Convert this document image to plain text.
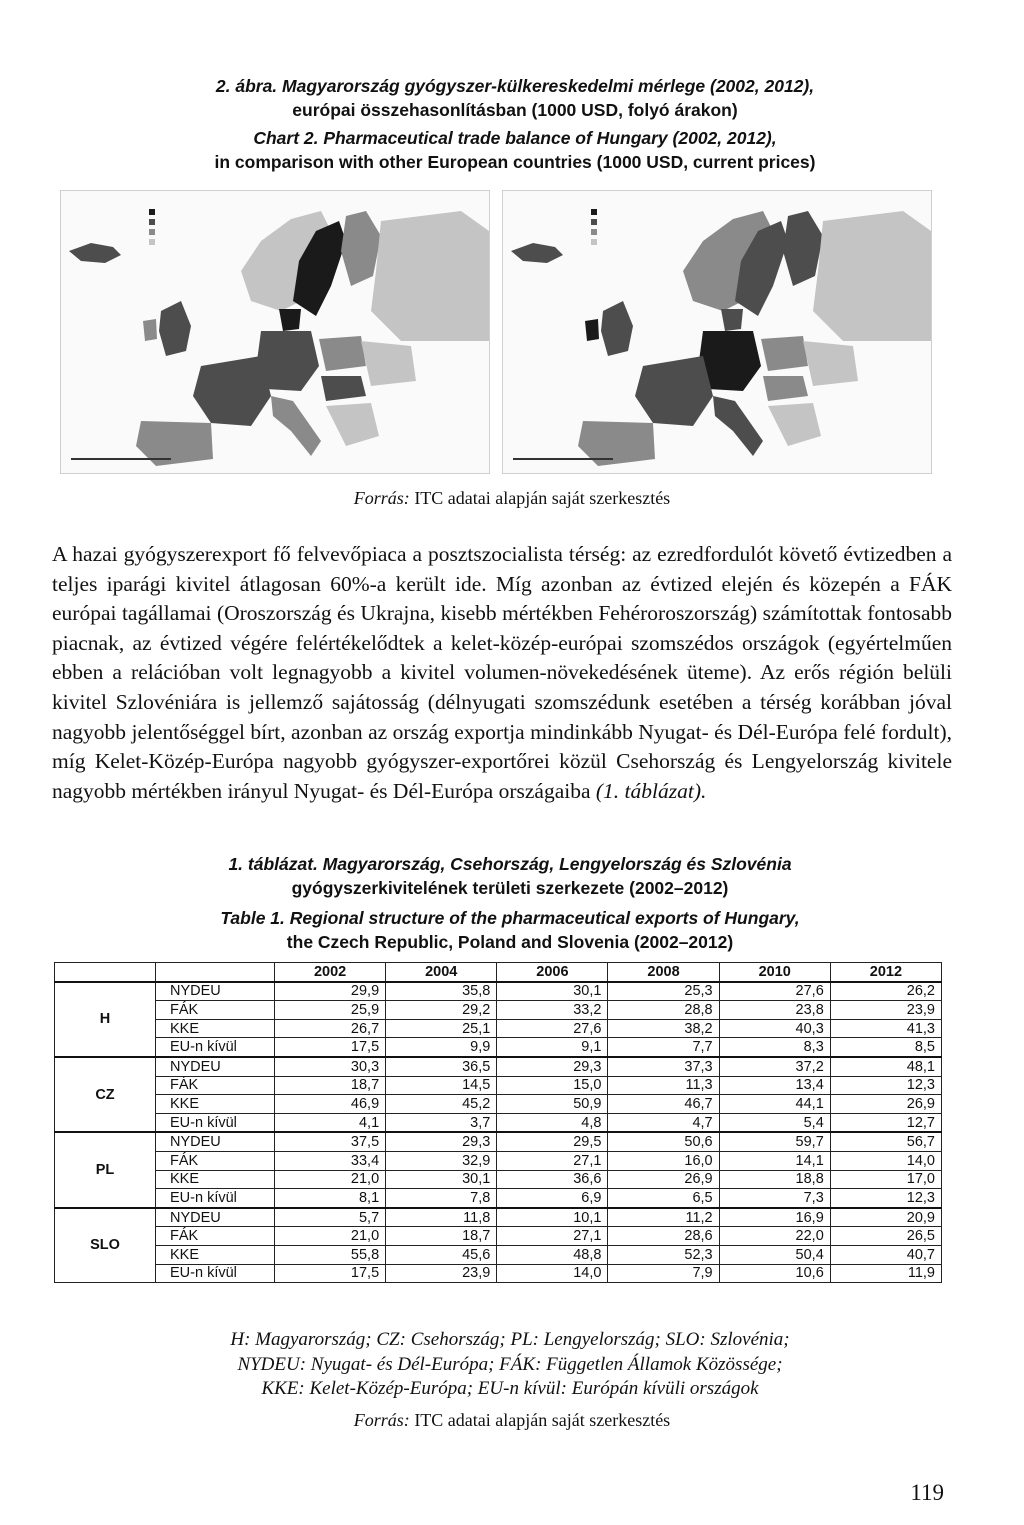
2. ábra. Magyarország gyógyszer-külkereskedelmi mérlege (2002, 2012),
európai összehasonlításban (1000 USD, folyó árakon)
Chart 2. Pharmaceutical trade balance of Hungary (2002, 2012),
in comparison with other European countries (1000 USD, current prices)
Forrás: ITC adatai alapján saját szerkesztés

A hazai gyógyszerexport fő felvevőpiaca a posztszocialista térség: az ezredfordulót követő évtizedben a teljes iparági kivitel átlagosan 60%-a került ide. Míg azonban az évtized elején és közepén a FÁK európai tagállamai (Oroszország és Ukrajna, kisebb mértékben Fehéroroszország) számítottak fontosabb piacnak, az évtized végére felértékelődtek a kelet-közép-európai szomszédos országok (egyértelműen ebben a relációban volt legnagyobb a kivitel volumen-növekedésének üteme). Az erős régión belüli kivitel Szlovéniára is jellemző sajátosság (délnyugati szomszédunk esetében a térség korábban jóval nagyobb jelentőséggel bírt, azonban az ország exportja mindinkább Nyugat- és Dél-Európa felé fordult), míg Kelet-Közép-Európa nagyobb gyógyszer-exportőrei közül Csehország és Lengyelország kivitele nagyobb mértékben irányul Nyugat- és Dél-Európa országaiba (1. táblázat).

1. táblázat. Magyarország, Csehország, Lengyelország és Szlovénia
gyógyszerkivitelének területi szerkezete (2002–2012)
Table 1. Regional structure of the pharmaceutical exports of Hungary,
the Czech Republic, Poland and Slovenia (2002–2012)
		2002	2004	2006	2008	2010	2012
H	NYDEU	29,9	35,8	30,1	25,3	27,6	26,2
	FÁK	25,9	29,2	33,2	28,8	23,8	23,9
	KKE	26,7	25,1	27,6	38,2	40,3	41,3
	EU-n kívül	17,5	9,9	9,1	7,7	8,3	8,5
CZ	NYDEU	30,3	36,5	29,3	37,3	37,2	48,1
	FÁK	18,7	14,5	15,0	11,3	13,4	12,3
	KKE	46,9	45,2	50,9	46,7	44,1	26,9
	EU-n kívül	4,1	3,7	4,8	4,7	5,4	12,7
PL	NYDEU	37,5	29,3	29,5	50,6	59,7	56,7
	FÁK	33,4	32,9	27,1	16,0	14,1	14,0
	KKE	21,0	30,1	36,6	26,9	18,8	17,0
	EU-n kívül	8,1	7,8	6,9	6,5	7,3	12,3
SLO	NYDEU	5,7	11,8	10,1	11,2	16,9	20,9
	FÁK	21,0	18,7	27,1	28,6	22,0	26,5
	KKE	55,8	45,6	48,8	52,3	50,4	40,7
	EU-n kívül	17,5	23,9	14,0	7,9	10,6	11,9
H: Magyarország; CZ: Csehország; PL: Lengyelország; SLO: Szlovénia;
NYDEU: Nyugat- és Dél-Európa; FÁK: Független Államok Közössége;
KKE: Kelet-Közép-Európa; EU-n kívül: Európán kívüli országok
Forrás: ITC adatai alapján saját szerkesztés
119
